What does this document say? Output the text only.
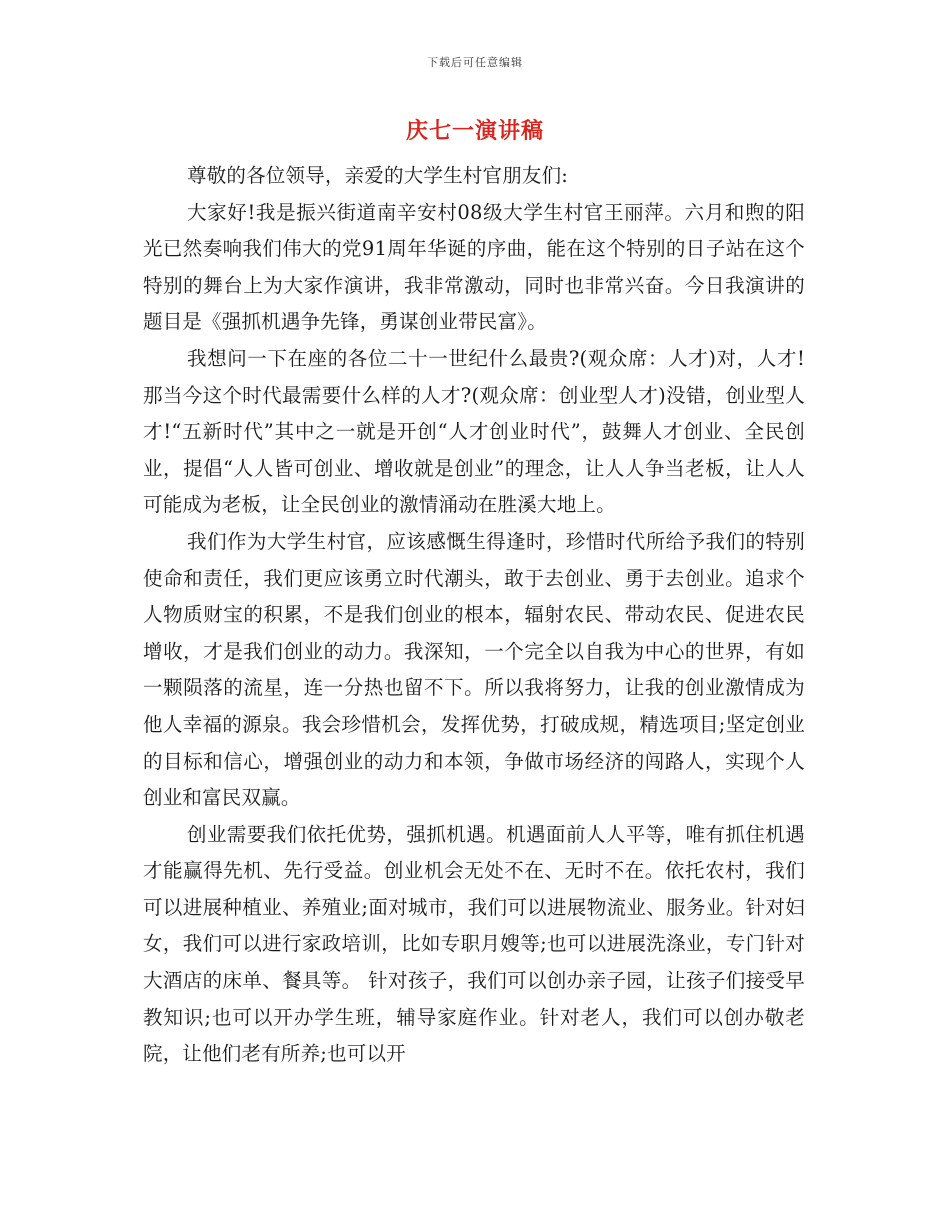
下载后可任意编辑
庆七一演讲稿

尊敬的各位领导，亲爱的大学生村官朋友们:

大家好!我是振兴街道南辛安村08级大学生村官王丽萍。六月和煦的阳光已然奏响我们伟大的党91周年华诞的序曲，能在这个特别的日子站在这个特别的舞台上为大家作演讲，我非常激动，同时也非常兴奋。今日我演讲的题目是《强抓机遇争先锋，勇谋创业带民富》。

我想问一下在座的各位二十一世纪什么最贵?(观众席：人才)对，人才!那当今这个时代最需要什么样的人才?(观众席：创业型人才)没错，创业型人才!“五新时代”其中之一就是开创“人才创业时代”，鼓舞人才创业、全民创业，提倡“人人皆可创业、增收就是创业”的理念，让人人争当老板，让人人可能成为老板，让全民创业的激情涌动在胜溪大地上。

我们作为大学生村官，应该感慨生得逢时，珍惜时代所给予我们的特别使命和责任，我们更应该勇立时代潮头，敢于去创业、勇于去创业。追求个人物质财宝的积累，不是我们创业的根本，辐射农民、带动农民、促进农民增收，才是我们创业的动力。我深知，一个完全以自我为中心的世界，有如一颗陨落的流星，连一分热也留不下。所以我将努力，让我的创业激情成为他人幸福的源泉。我会珍惜机会，发挥优势，打破成规，精选项目;坚定创业的目标和信心，增强创业的动力和本领，争做市场经济的闯路人，实现个人创业和富民双赢。

创业需要我们依托优势，强抓机遇。机遇面前人人平等，唯有抓住机遇才能赢得先机、先行受益。创业机会无处不在、无时不在。依托农村，我们可以进展种植业、养殖业;面对城市，我们可以进展物流业、服务业。针对妇女，我们可以进行家政培训，比如专职月嫂等;也可以进展洗涤业，专门针对大酒店的床单、餐具等。 针对孩子，我们可以创办亲子园，让孩子们接受早教知识;也可以开办学生班，辅导家庭作业。针对老人，我们可以创办敬老院，让他们老有所养;也可以开
